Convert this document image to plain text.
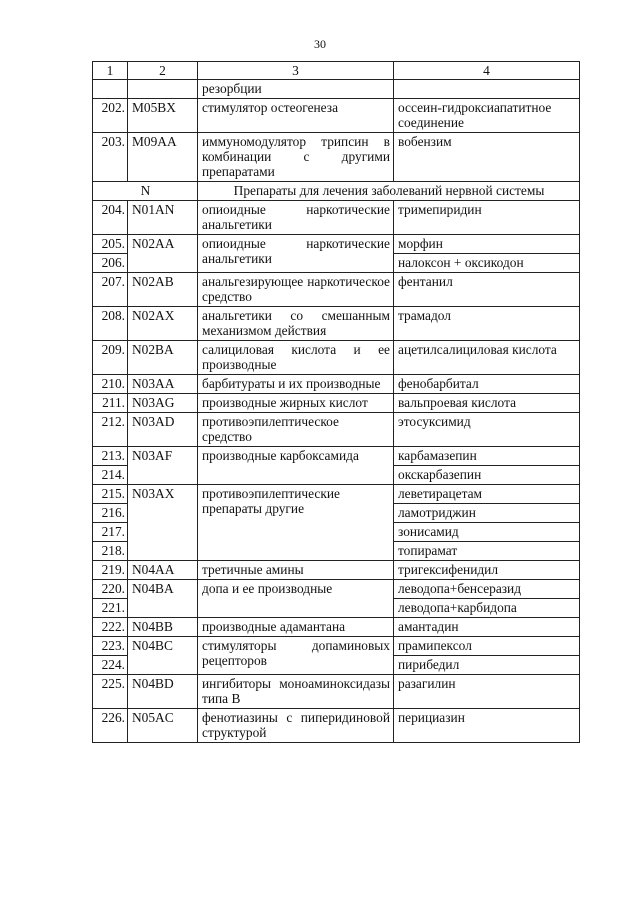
30
1	2	3	4
		резорбции	
202.	M05BX	стимулятор остеогенеза	оссеин-гидроксиапатитное соединение
203.	M09AA	иммуномодулятор трипсин в комбинации с другими препаратами	вобензим
N		Препараты для лечения заболеваний нервной системы	
204.	N01AN	опиоидные наркотические анальгетики	тримепиридин
205.	N02AA	опиоидные наркотические анальгетики	морфин
206.			налоксон + оксикодон
207.	N02AB	анальгезирующее наркотическое средство	фентанил
208.	N02AX	анальгетики со смешанным механизмом действия	трамадол
209.	N02BA	салициловая кислота и ее производные	ацетилсалициловая кислота
210.	N03AA	барбитураты и их производные	фенобарбитал
211.	N03AG	производные жирных кислот	вальпроевая кислота
212.	N03AD	противоэпилептическое средство	этосуксимид
213.	N03AF	производные карбоксамида	карбамазепин
214.			окскарбазепин
215.	N03AX	противоэпилептические препараты другие	леветирацетам
216.			ламотриджин
217.			зонисамид
218.			топирамат
219.	N04AA	третичные амины	тригексифенидил
220.	N04BA	допа и ее производные	леводопа+бенсеразид
221.			леводопа+карбидопа
222.	N04BB	производные адамантана	амантадин
223.	N04BC	стимуляторы допаминовых рецепторов	прамипексол
224.			пирибедил
225.	N04BD	ингибиторы моноаминоксидазы типа B	разагилин
226.	N05AC	фенотиазины с пиперидиновой структурой	перициазин
